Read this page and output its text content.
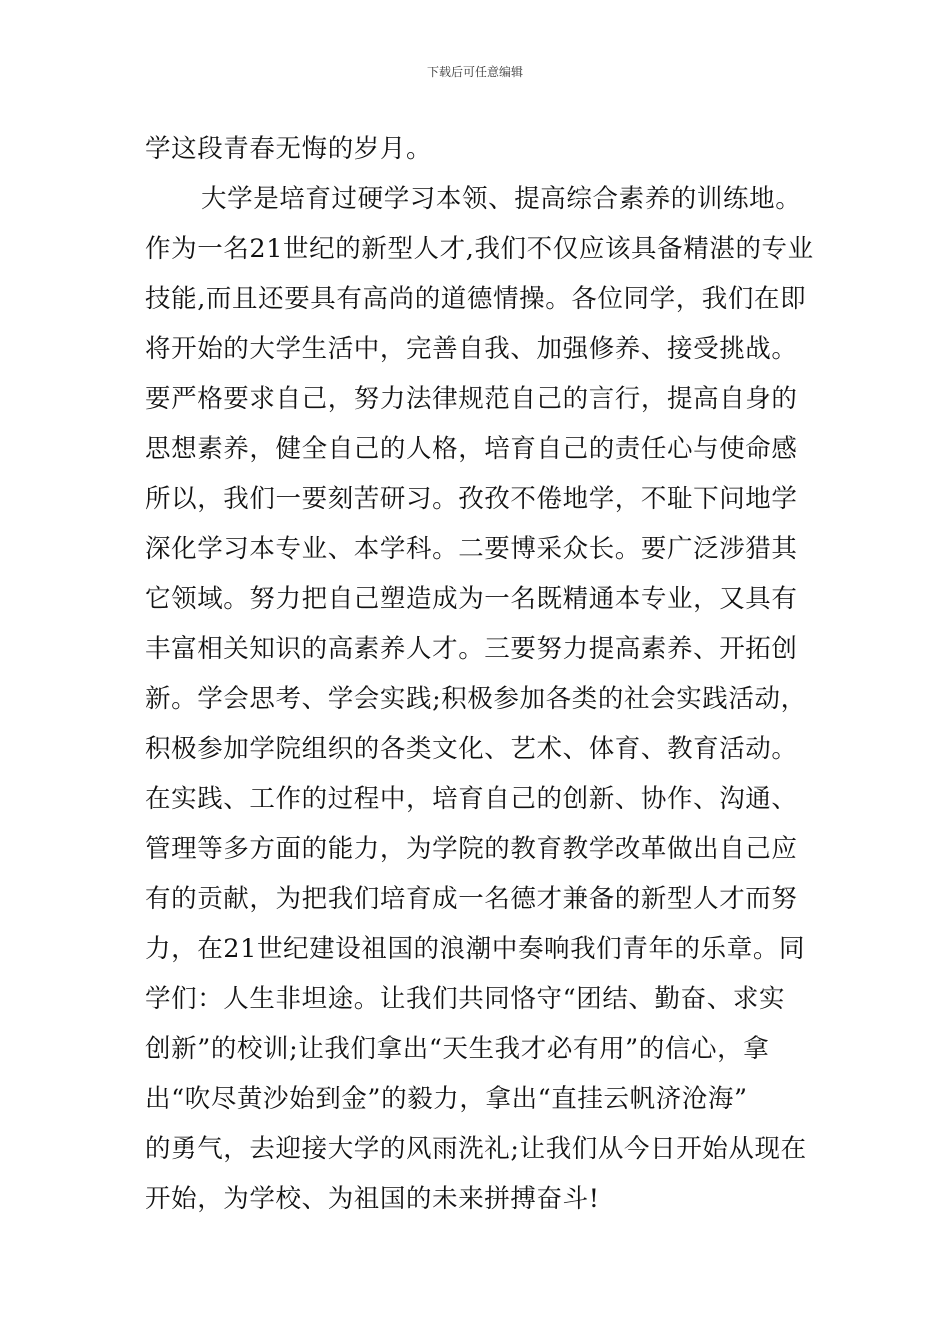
下载后可任意编辑
学这段青春无悔的岁月。
大学是培育过硬学习本领、提高综合素养的训练地。
作为一名21世纪的新型人才,我们不仅应该具备精湛的专业
技能,而且还要具有高尚的道德情操。各位同学，我们在即
将开始的大学生活中，完善自我、加强修养、接受挑战。
要严格要求自己，努力法律规范自己的言行，提高自身的
思想素养，健全自己的人格，培育自己的责任心与使命感
所以，我们一要刻苦研习。孜孜不倦地学，不耻下问地学
深化学习本专业、本学科。二要博采众长。要广泛涉猎其
它领域。努力把自己塑造成为一名既精通本专业，又具有
丰富相关知识的高素养人才。三要努力提高素养、开拓创
新。学会思考、学会实践;积极参加各类的社会实践活动，
积极参加学院组织的各类文化、艺术、体育、教育活动。
在实践、工作的过程中，培育自己的创新、协作、沟通、
管理等多方面的能力，为学院的教育教学改革做出自己应
有的贡献，为把我们培育成一名德才兼备的新型人才而努
力，在21世纪建设祖国的浪潮中奏响我们青年的乐章。同
学们：人生非坦途。让我们共同恪守“团结、勤奋、求实
创新”的校训;让我们拿出“天生我才必有用”的信心，拿
出“吹尽黄沙始到金”的毅力，拿出“直挂云帆济沧海”
的勇气，去迎接大学的风雨洗礼;让我们从今日开始从现在
开始，为学校、为祖国的未来拼搏奋斗!
